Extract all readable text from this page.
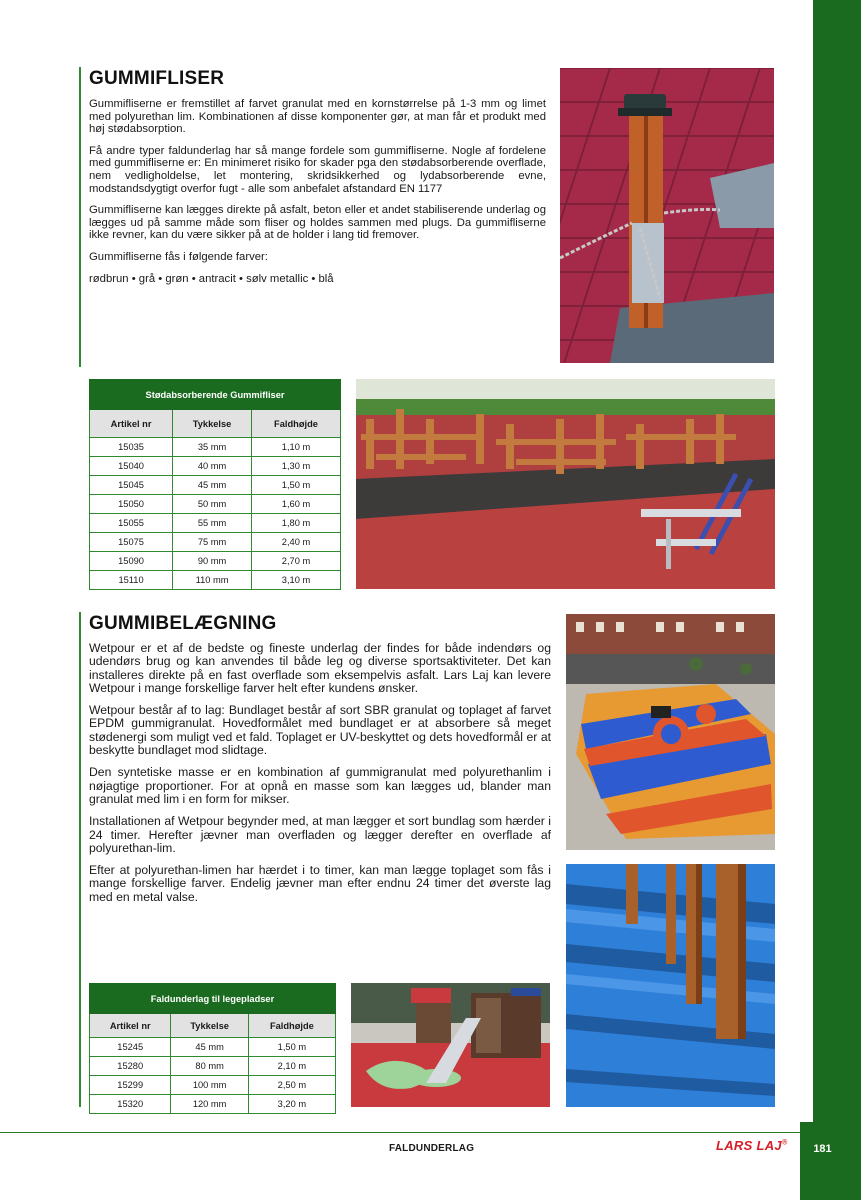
GUMMIFLISER

Gummifliserne er fremstillet af farvet granulat med en kornstørrelse på 1-3 mm og limet med polyurethan lim. Kombinationen af disse komponenter gør, at man får et produkt med høj stødabsorption.

Få andre typer faldunderlag har så mange fordele som gummifliserne. Nogle af fordelene med gummifliserne er: En minimeret risiko for skader pga den stødabsorberende overflade, nem vedligholdelse, let montering, skridsikkerhed og lydabsorberende evne, modstandsdygtigt overfor fugt - alle som anbefalet afstandard EN 1177

Gummifliserne kan lægges direkte på asfalt, beton eller et andet stabiliserende underlag og lægges ud på samme måde som fliser og holdes sammen med plugs. Da gummifliserne ikke revner, kan du være sikker på at de holder i lang tid fremover.

Gummifliserne fås i følgende farver:

rødbrun • grå • grøn • antracit • sølv metallic • blå

Stødabsorberende Gummifliser		
Artikel nr	Tykkelse	Faldhøjde
15035	35 mm	1,10 m
15040	40 mm	1,30 m
15045	45 mm	1,50 m
15050	50 mm	1,60 m
15055	55 mm	1,80 m
15075	75 mm	2,40 m
15090	90 mm	2,70 m
15110	110 mm	3,10 m
GUMMIBELÆGNING

Wetpour er et af de bedste og fineste underlag der findes for både indendørs og udendørs brug og kan anvendes til både leg og diverse sportsaktiviteter. Det kan installeres direkte på en fast overflade som eksempelvis asfalt. Lars Laj kan levere Wetpour i mange forskellige farver helt efter kundens ønsker.

Wetpour består af to lag: Bundlaget består af sort SBR granulat og toplaget af farvet EPDM gummigranulat. Hovedformålet med bundlaget er at absorbere så meget stødenergi som muligt ved et fald. Toplaget er UV-beskyttet og dets hovedformål er at beskytte bundlaget mod slidtage.

Den syntetiske masse er en kombination af gummigranulat med polyurethanlim i nøjagtige proportioner. For at opnå en masse som kan lægges ud, blander man granulat med lim i en form for mikser.

Installationen af Wetpour begynder med, at man lægger et sort bundlag som hærder i 24 timer. Herefter jævner man overfladen og lægger derefter en overflade af polyurethan-lim.

Efter at polyurethan-limen har hærdet i to timer, kan man lægge toplaget som fås i mange forskellige farver. Endelig jævner man efter endnu 24 timer det øverste lag med en metal valse.

Faldunderlag til legepladser		
Artikel nr	Tykkelse	Faldhøjde
15245	45 mm	1,50 m
15280	80 mm	2,10 m
15299	100 mm	2,50 m
15320	120 mm	3,20 m
FALDUNDERLAG	LARS LAJ®	181
